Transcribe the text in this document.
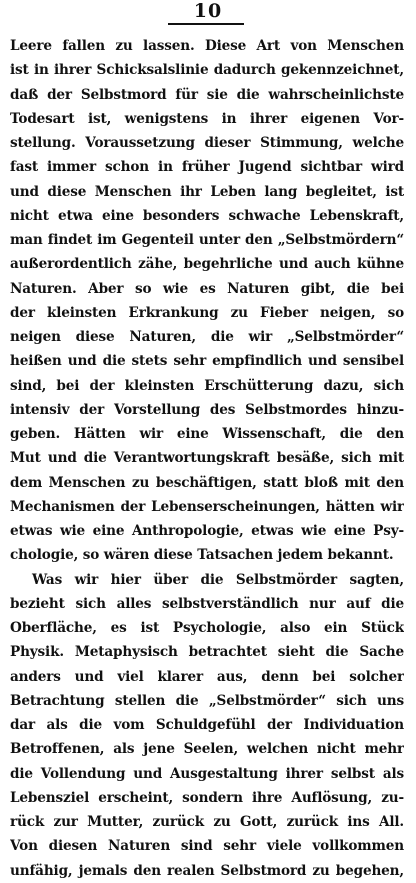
10
Leere fallen zu lassen. Diese Art von Menschen
ist in ihrer Schicksalslinie dadurch gekennzeichnet,
daß der Selbstmord für sie die wahrscheinlichste
Todesart ist, wenigstens in ihrer eigenen Vor-
stellung. Voraussetzung dieser Stimmung, welche
fast immer schon in früher Jugend sichtbar wird
und diese Menschen ihr Leben lang begleitet, ist
nicht etwa eine besonders schwache Lebenskraft,
man findet im Gegenteil unter den „Selbstmördern“
außerordentlich zähe, begehrliche und auch kühne
Naturen. Aber so wie es Naturen gibt, die bei
der kleinsten Erkrankung zu Fieber neigen, so
neigen diese Naturen, die wir „Selbstmörder“
heißen und die stets sehr empfindlich und sensibel
sind, bei der kleinsten Erschütterung dazu, sich
intensiv der Vorstellung des Selbstmordes hinzu-
geben. Hätten wir eine Wissenschaft, die den
Mut und die Verantwortungskraft besäße, sich mit
dem Menschen zu beschäftigen, statt bloß mit den
Mechanismen der Lebenserscheinungen, hätten wir
etwas wie eine Anthropologie, etwas wie eine Psy-
chologie, so wären diese Tatsachen jedem bekannt.
Was wir hier über die Selbstmörder sagten,
bezieht sich alles selbstverständlich nur auf die
Oberfläche, es ist Psychologie, also ein Stück
Physik. Metaphysisch betrachtet sieht die Sache
anders und viel klarer aus, denn bei solcher
Betrachtung stellen die „Selbstmörder“ sich uns
dar als die vom Schuldgefühl der Individuation
Betroffenen, als jene Seelen, welchen nicht mehr
die Vollendung und Ausgestaltung ihrer selbst als
Lebensziel erscheint, sondern ihre Auflösung, zu-
rück zur Mutter, zurück zu Gott, zurück ins All.
Von diesen Naturen sind sehr viele vollkommen
unfähig, jemals den realen Selbstmord zu begehen,
